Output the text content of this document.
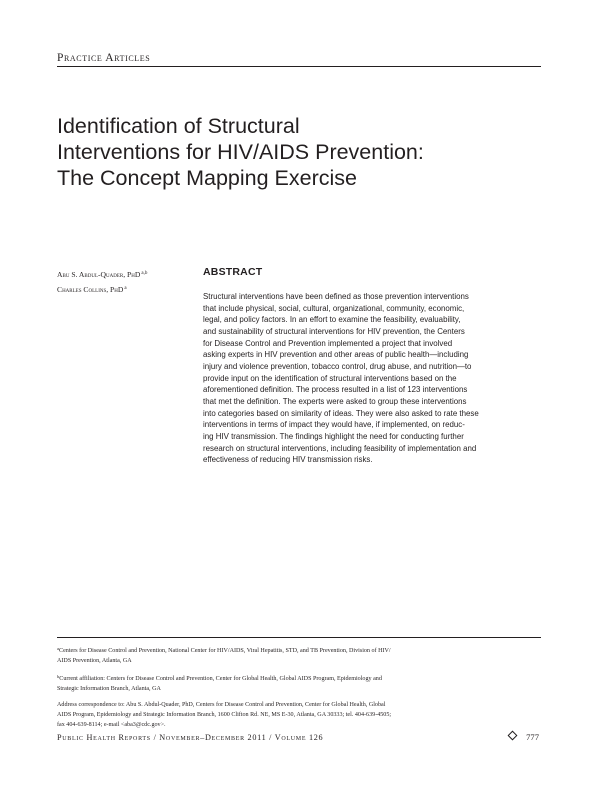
Practice Articles
Identification of Structural
Interventions for HIV/AIDS Prevention:
The Concept Mapping Exercise
Abu S. Abdul-Quader, PhD$^{a,b}$
Charles Collins, PhD$^a$
ABSTRACT
Structural interventions have been defined as those prevention interventions
that include physical, social, cultural, organizational, community, economic,
legal, and policy factors. In an effort to examine the feasibility, evaluability,
and sustainability of structural interventions for HIV prevention, the Centers
for Disease Control and Prevention implemented a project that involved
asking experts in HIV prevention and other areas of public health—including
injury and violence prevention, tobacco control, drug abuse, and nutrition—to
provide input on the identification of structural interventions based on the
aforementioned definition. The process resulted in a list of 123 interventions
that met the definition. The experts were asked to group these interventions
into categories based on similarity of ideas. They were also asked to rate these
interventions in terms of impact they would have, if implemented, on reduc-
ing HIV transmission. The findings highlight the need for conducting further
research on structural interventions, including feasibility of implementation and
effectiveness of reducing HIV transmission risks.
$^a$Centers for Disease Control and Prevention, National Center for HIV/AIDS, Viral Hepatitis, STD, and TB Prevention, Division of HIV/
AIDS Prevention, Atlanta, GA
$^b$Current affiliation: Centers for Disease Control and Prevention, Center for Global Health, Global AIDS Program, Epidemiology and
Strategic Information Branch, Atlanta, GA
Address correspondence to: Abu S. Abdul-Quader, PhD, Centers for Disease Control and Prevention, Center for Global Health, Global
AIDS Program, Epidemiology and Strategic Information Branch, 1600 Clifton Rd. NE, MS E-30, Atlanta, GA 30333; tel. 404-639-4505;
fax 404-639-8114; e-mail <aba3@cdc.gov>.
Public Health Reports / November–December 2011 / Volume 126	777
